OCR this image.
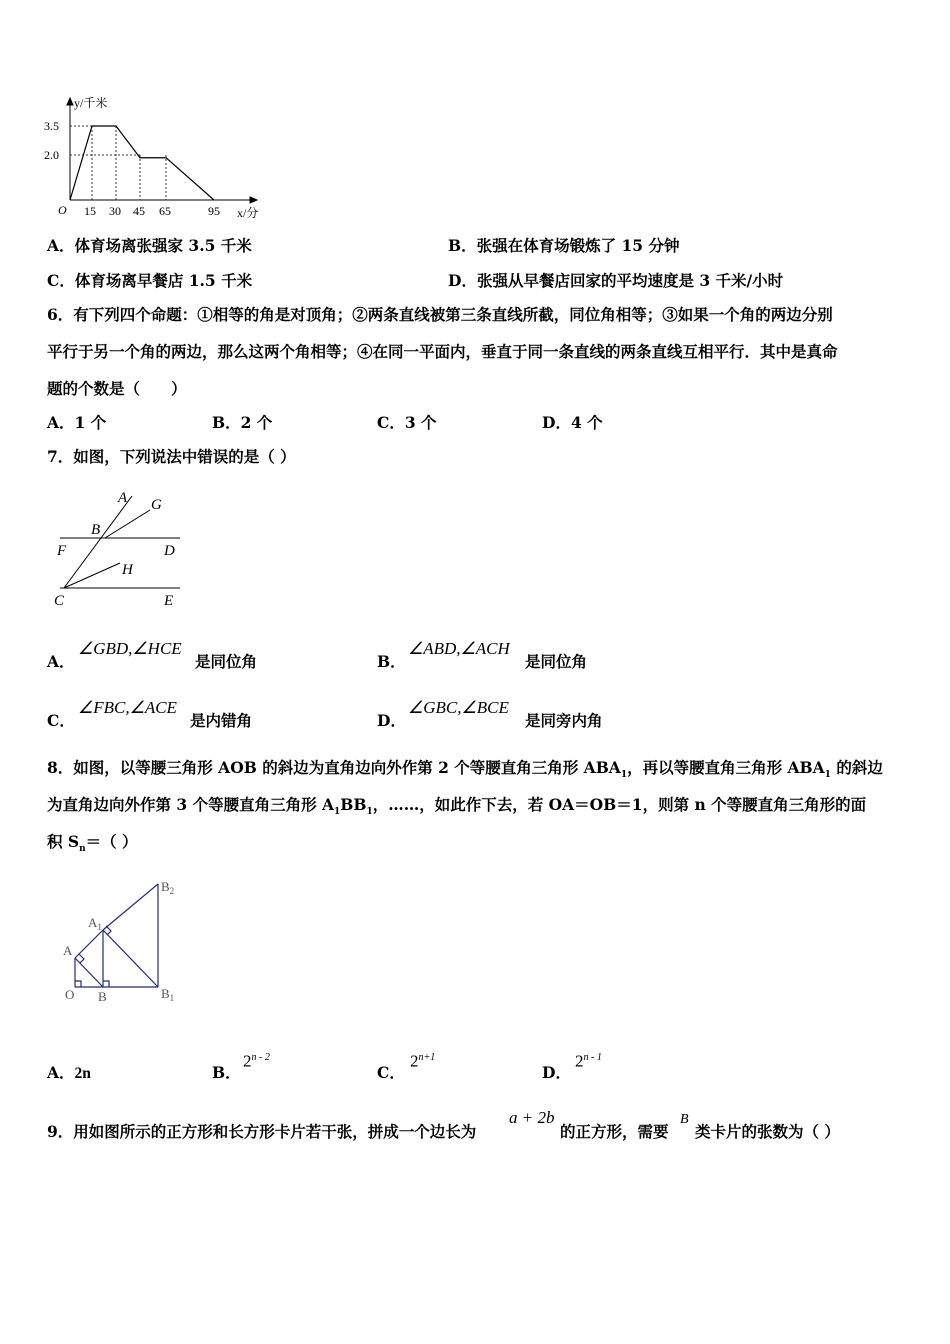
y/千米
x/分
O
3.5
2.0
15 30 45 65	95
A．体育场离张强家 3.5 千米	B．张强在体育场锻炼了 15 分钟
C．体育场离早餐店 1.5 千米	D．张强从早餐店回家的平均速度是 3 千米/小时
6．有下列四个命题：①相等的角是对顶角；②两条直线被第三条直线所截，同位角相等；③如果一个角的两边分别
平行于另一个角的两边，那么这两个角相等；④在同一平面内，垂直于同一条直线的两条直线互相平行．其中是真命
题的个数是（　　）
A．1 个	B．2 个	C．3 个	D．4 个
7．如图，下列说法中错误的是（ ）
A G
B
F	D
H
C	E
A．
∠GBD,∠HCE
是同位角	B．
∠ABD,∠ACH
是同位角
C．
∠FBC,∠ACE
是内错角	D．
∠GBC,∠BCE
是同旁内角
8．如图，以等腰三角形 AOB 的斜边为直角边向外作第 2 个等腰直角三角形 $ABA_1$，再以等腰直角三角形 $ABA_1$ 的斜边
为直角边向外作第 3 个等腰直角三角形 $A_1BB_1$，……，如此作下去，若 OA＝OB＝1，则第 n 个等腰直角三角形的面
积 $S_n=$（ ）
O B
A
$A_1$
$B_1$
$B_2$
A．2n	B．
2$^{n - 2}$
C．
$2^{n+1}$
D．
2$^{n - 1}$
9．用如图所示的正方形和长方形卡片若干张，拼成一个边长为
a + 2b
的正方形，需要
B
类卡片的张数为（ ）
